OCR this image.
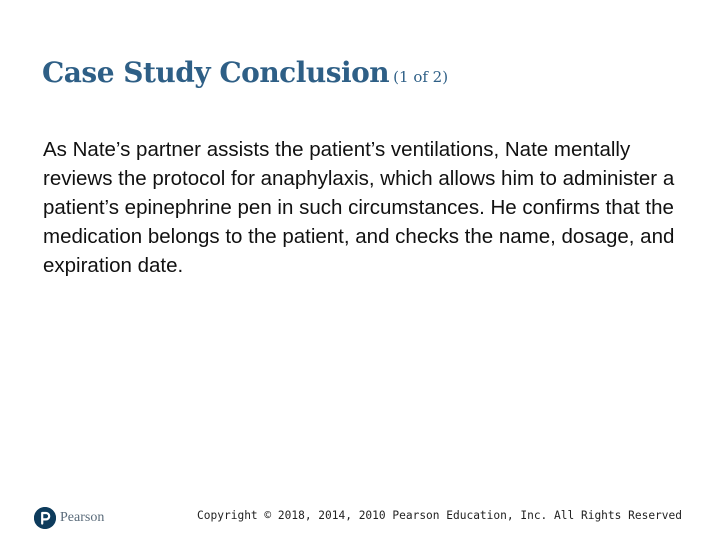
Case Study Conclusion (1 of 2)

As Nate’s partner assists the patient’s ventilations, Nate mentally reviews the protocol for anaphylaxis, which allows him to administer a patient’s epinephrine pen in such circumstances. He confirms that the medication belongs to the patient, and checks the name, dosage, and expiration date.

Pearson	Copyright © 2018, 2014, 2010 Pearson Education, Inc. All Rights Reserved
